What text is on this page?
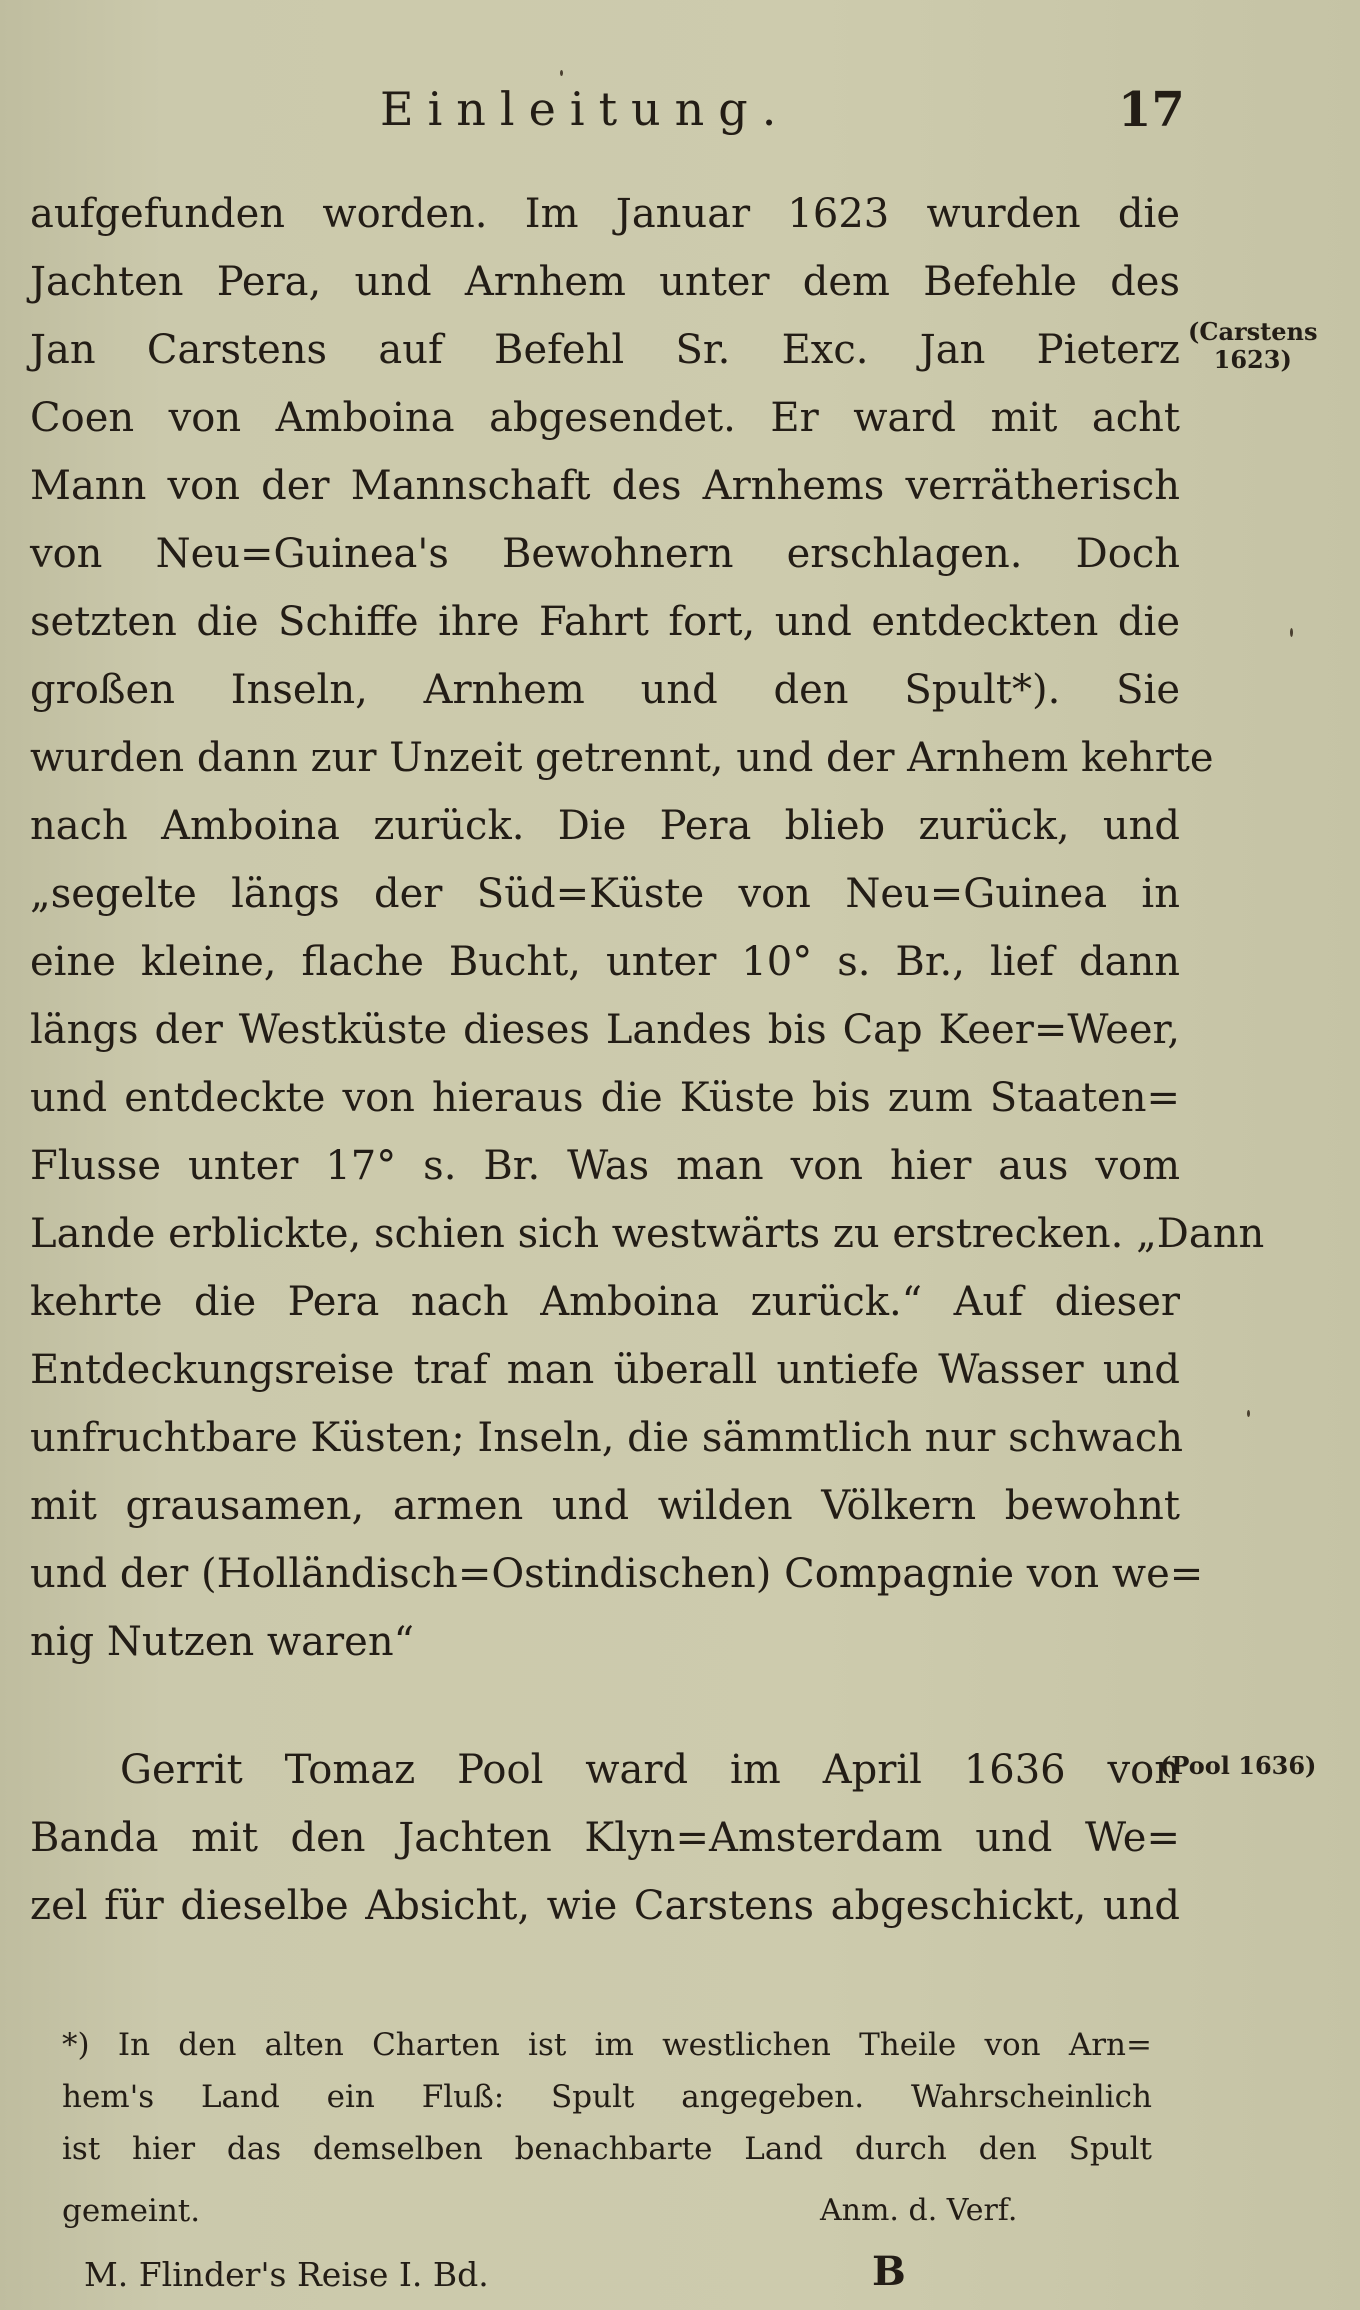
Einleitung.	17
aufgefunden worden. Im Januar 1623 wurden die
Jachten Pera, und Arnhem unter dem Befehle des
Jan Carstens auf Befehl Sr. Exc. Jan Pieterz
Coen von Amboina abgesendet. Er ward mit acht
Mann von der Mannschaft des Arnhems verrätherisch
von Neu=Guinea's Bewohnern erschlagen. Doch
setzten die Schiffe ihre Fahrt fort, und entdeckten die
großen Inseln, Arnhem und den Spult*). Sie
wurden dann zur Unzeit getrennt, und der Arnhem kehrte
nach Amboina zurück. Die Pera blieb zurück, und
„segelte längs der Süd=Küste von Neu=Guinea in
eine kleine, flache Bucht, unter 10° s. Br., lief dann
längs der Westküste dieses Landes bis Cap Keer=Weer,
und entdeckte von hieraus die Küste bis zum Staaten=
Flusse unter 17° s. Br. Was man von hier aus vom
Lande erblickte, schien sich westwärts zu erstrecken. „Dann
kehrte die Pera nach Amboina zurück.“ Auf dieser
Entdeckungsreise traf man überall untiefe Wasser und
unfruchtbare Küsten; Inseln, die sämmtlich nur schwach
mit grausamen, armen und wilden Völkern bewohnt
und der (Holländisch=Ostindischen) Compagnie von we=
nig Nutzen waren“
Gerrit Tomaz Pool ward im April 1636 von
Banda mit den Jachten Klyn=Amsterdam und We=
zel für dieselbe Absicht, wie Carstens abgeschickt, und
(Carstens
1623)
(Pool 1636)
*) In den alten Charten ist im westlichen Theile von Arn=
hem's Land ein Fluß: Spult angegeben. Wahrscheinlich
ist hier das demselben benachbarte Land durch den Spult
gemeint.	Anm. d. Verf.
M. Flinder's Reise I. Bd.	B
